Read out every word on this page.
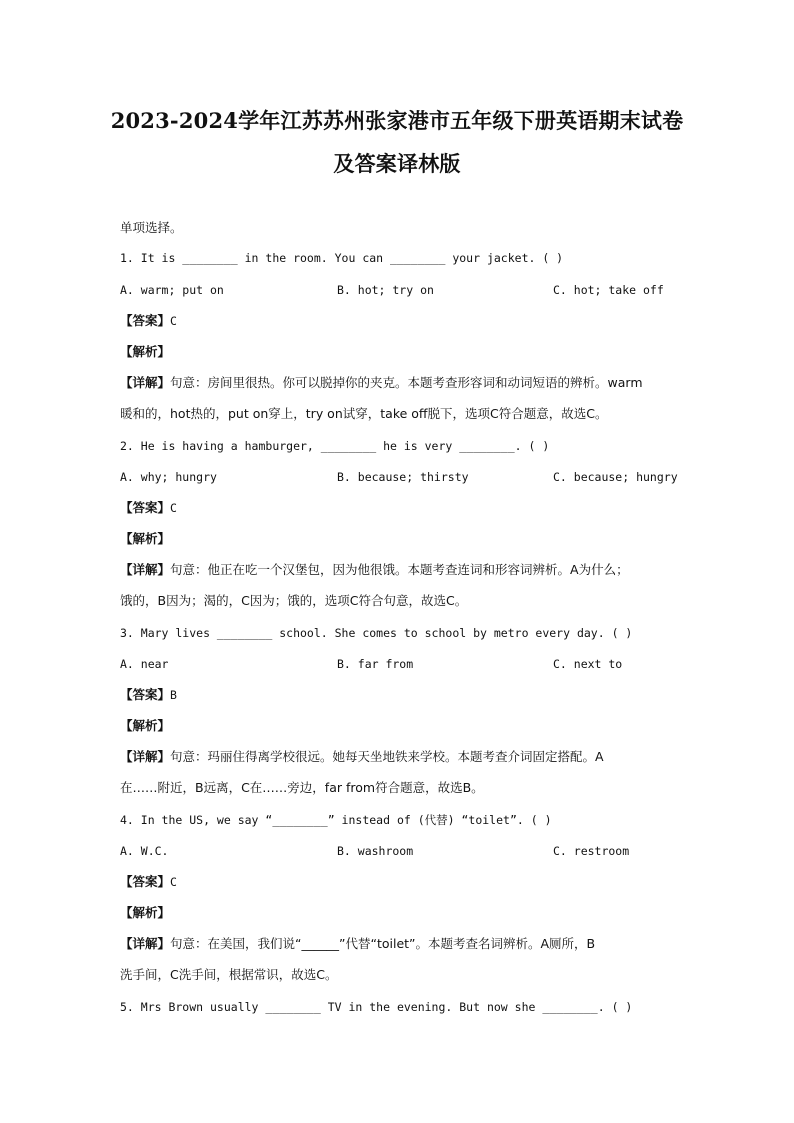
2023-2024学年江苏苏州张家港市五年级下册英语期末试卷
及答案译林版
单项选择。
1. It is ________ in the room. You can ________ your jacket. ( )
A. warm; put on	B. hot; try on	C. hot; take off
【答案】C
【解析】
【详解】句意：房间里很热。你可以脱掉你的夹克。本题考查形容词和动词短语的辨析。warm
暖和的，hot热的，put on穿上，try on试穿，take off脱下，选项C符合题意，故选C。
2. He is having a hamburger, ________ he is very ________. ( )
A. why; hungry	B. because; thirsty	C. because; hungry
【答案】C
【解析】
【详解】句意：他正在吃一个汉堡包，因为他很饿。本题考查连词和形容词辨析。A为什么；
饿的，B因为；渴的，C因为；饿的，选项C符合句意，故选C。
3. Mary lives ________ school. She comes to school by metro every day. ( )
A. near	B. far from	C. next to
【答案】B
【解析】
【详解】句意：玛丽住得离学校很远。她每天坐地铁来学校。本题考查介词固定搭配。A
在……附近，B远离，C在……旁边，far from符合题意，故选B。
4. In the US, we say “________” instead of (代替) “toilet”. ( )
A. W.C.	B. washroom	C. restroom
【答案】C
【解析】
【详解】句意：在美国，我们说“______”代替“toilet”。本题考查名词辨析。A厕所，B
洗手间，C洗手间，根据常识，故选C。
5. Mrs Brown usually ________ TV in the evening. But now she ________. ( )
